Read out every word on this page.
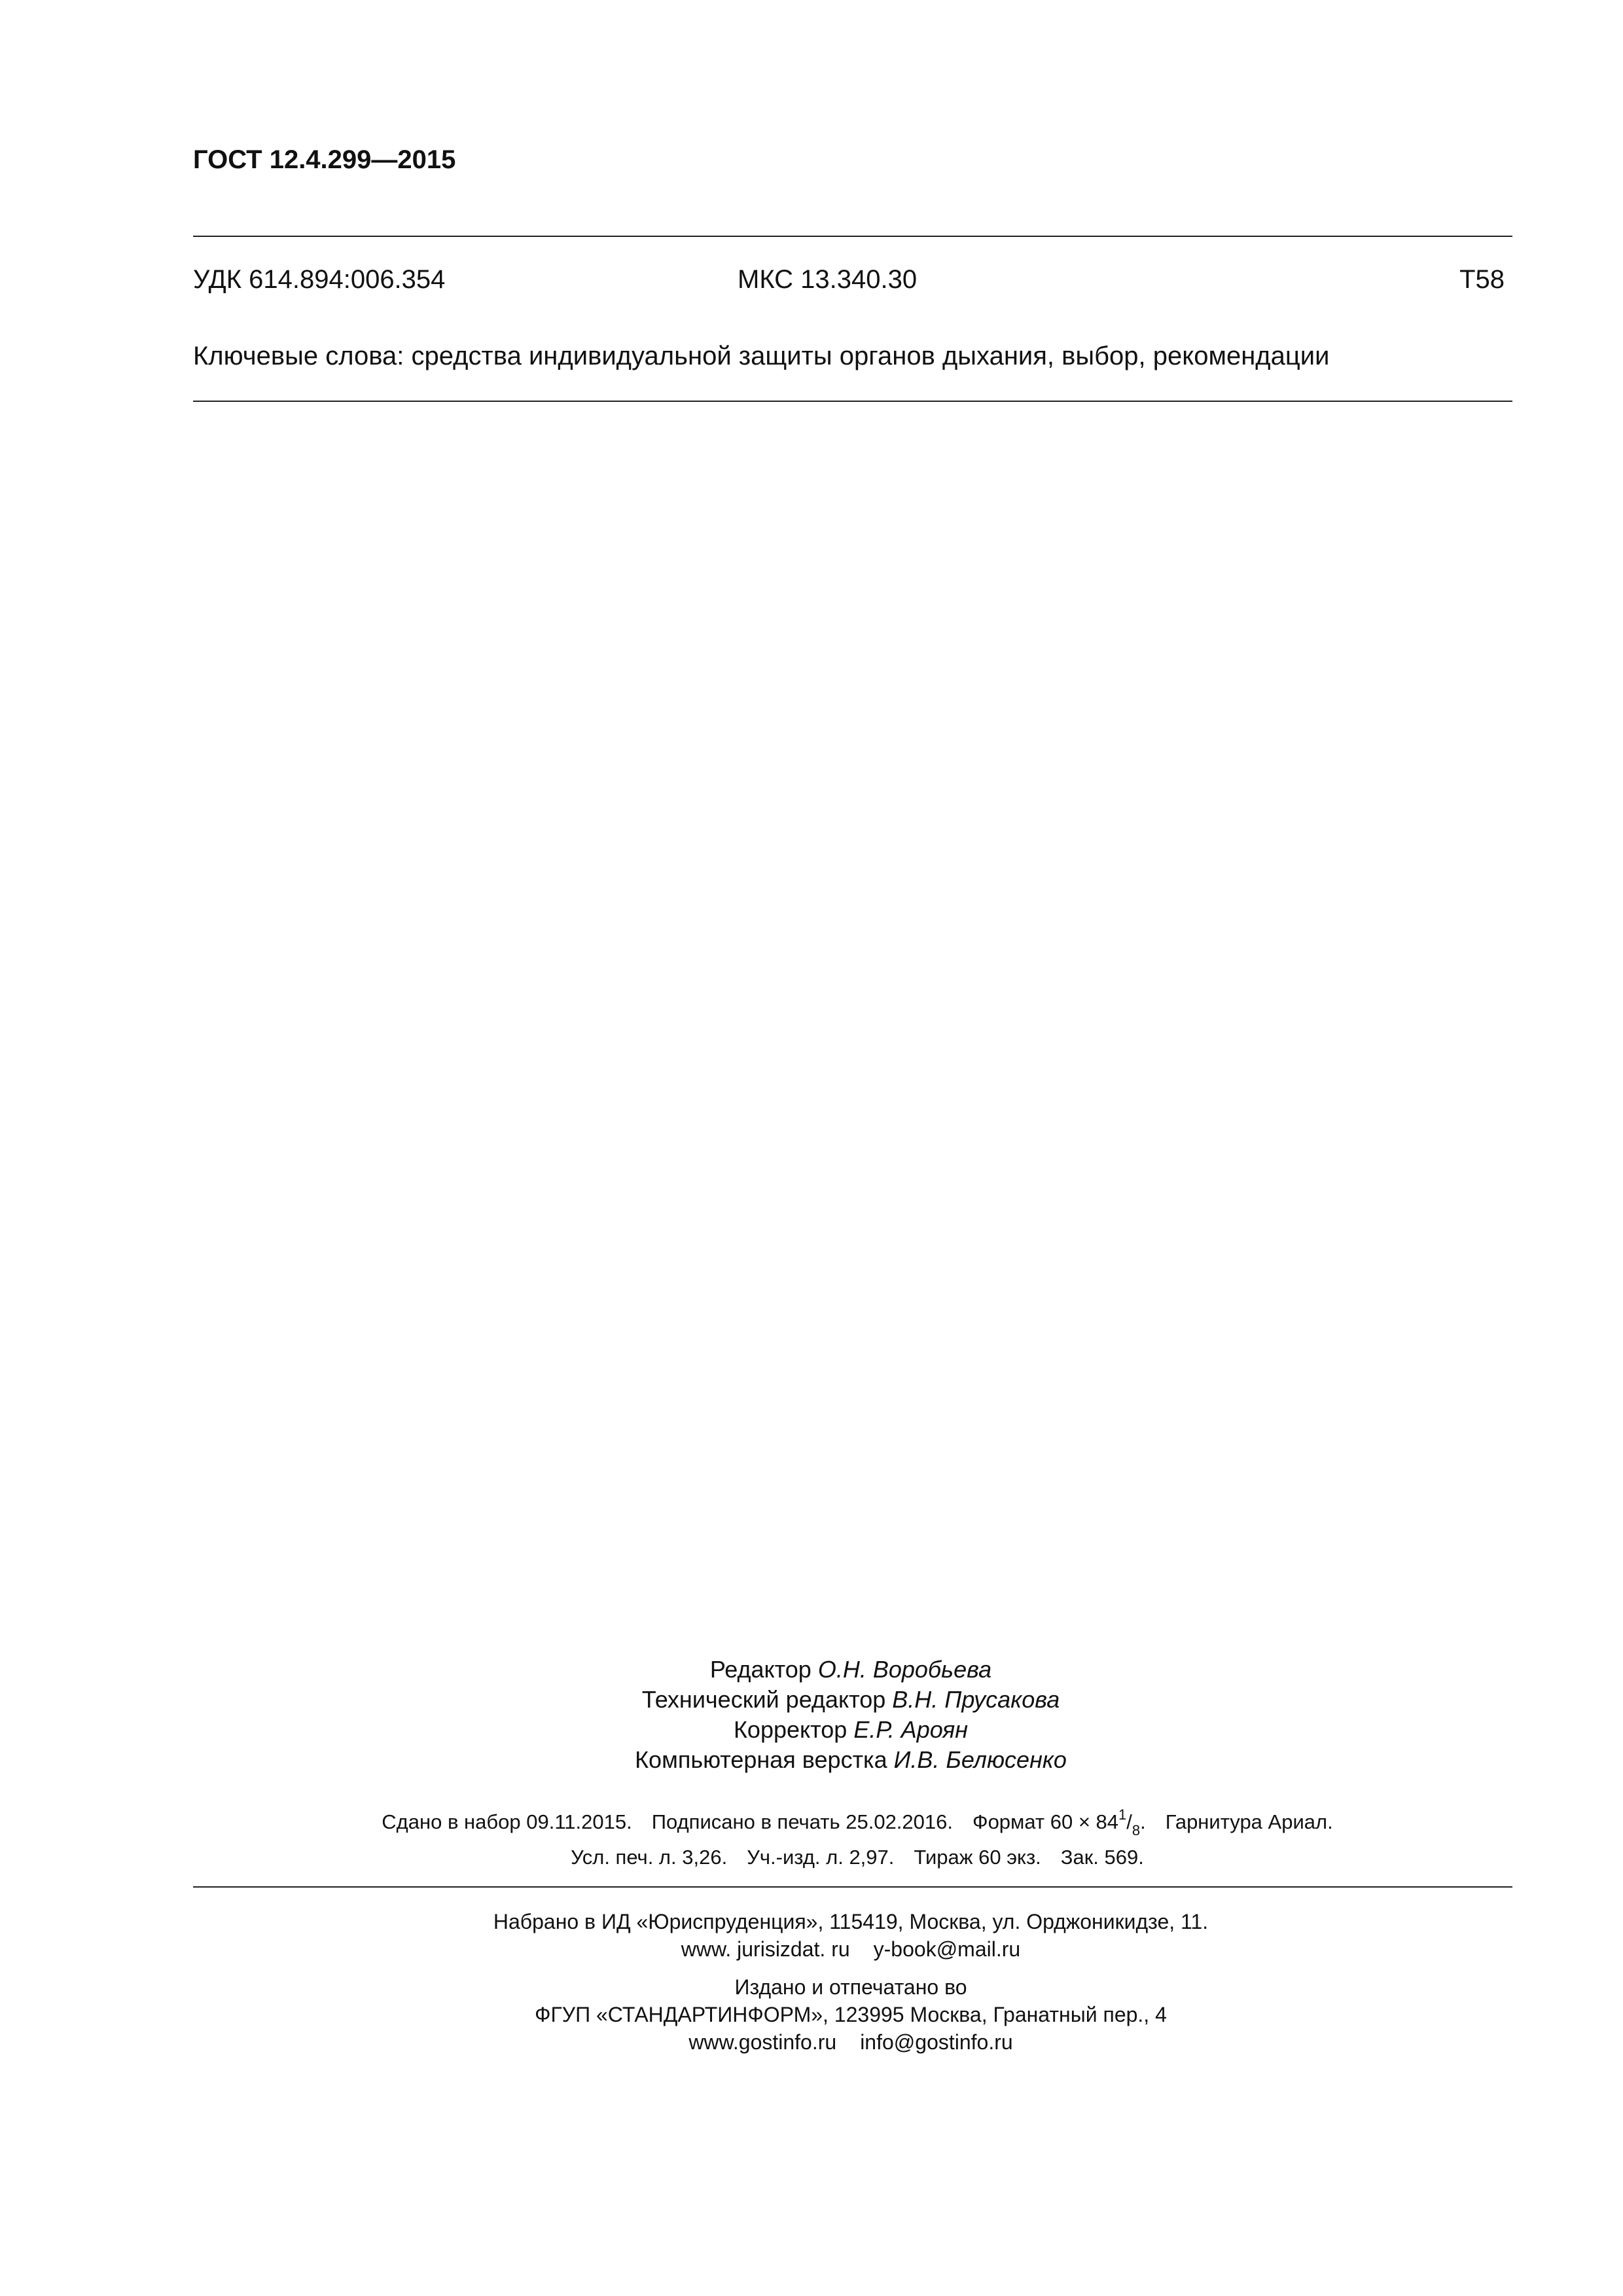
ГОСТ 12.4.299—2015
УДК 614.894:006.354	МКС 13.340.30	Т58
Ключевые слова: средства индивидуальной защиты органов дыхания, выбор, рекомендации
Редактор О.Н. Воробьева
Технический редактор В.Н. Прусакова
Корректор Е.Р. Ароян
Компьютерная верстка И.В. Белюсенко
Сдано в набор 09.11.2015. Подписано в печать 25.02.2016. Формат $60 \times 84^1/_8$. Гарнитура Ариал.
Усл. печ. л. 3,26. Уч.-изд. л. 2,97. Тираж 60 экз. Зак. 569.
Набрано в ИД «Юриспруденция», 115419, Москва, ул. Орджоникидзе, 11.
www. jurisizdat. ru y-book@mail.ru
Издано и отпечатано во
ФГУП «СТАНДАРТИНФОРМ», 123995 Москва, Гранатный пер., 4
www.gostinfo.ru info@gostinfo.ru
